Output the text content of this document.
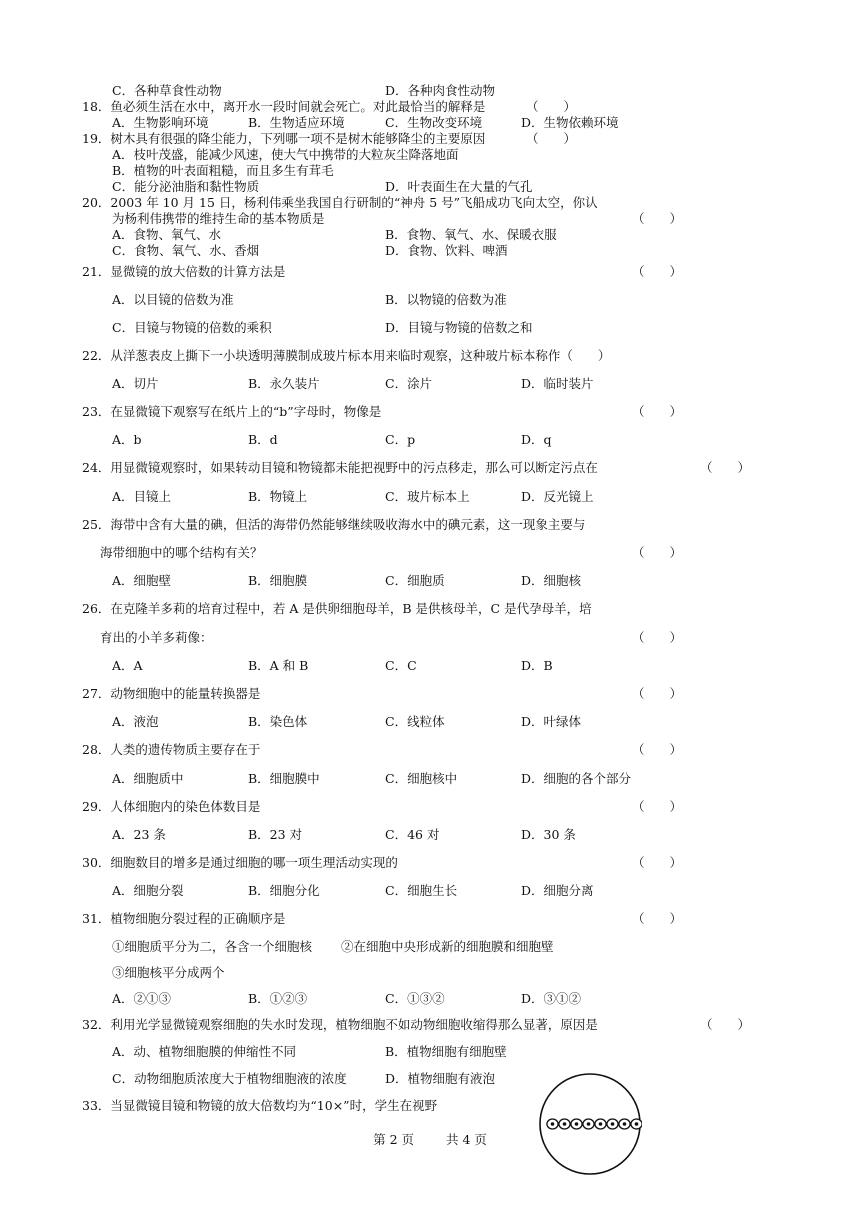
C．各种草食性动物	D．各种肉食性动物
18．鱼必须生活在水中，离开水一段时间就会死亡。对此最恰当的解释是	（　　）
A．生物影响环境	B．生物适应环境	C．生物改变环境	D．生物依赖环境
19．树木具有很强的降尘能力，下列哪一项不是树木能够降尘的主要原因	（　　）
A．枝叶茂盛，能减少风速，使大气中携带的大粒灰尘降落地面
B．植物的叶表面粗糙，而且多生有茸毛
C．能分泌油脂和黏性物质	D．叶表面生在大量的气孔
20．2003 年 10 月 15 日，杨利伟乘坐我国自行研制的“神舟 5 号”飞船成功飞向太空，你认
为杨利伟携带的维持生命的基本物质是	（　　）
A．食物、氧气、水	B．食物、氧气、水、保暖衣服
C．食物、氧气、水、香烟	D．食物、饮料、啤酒
21．显微镜的放大倍数的计算方法是	（　　）
A．以目镜的倍数为准	B．以物镜的倍数为准
C．目镜与物镜的倍数的乘积	D．目镜与物镜的倍数之和
22．从洋葱表皮上撕下一小块透明薄膜制成玻片标本用来临时观察，这种玻片标本称作（　　）
A．切片	B．永久装片	C．涂片	D．临时装片
23．在显微镜下观察写在纸片上的“b”字母时，物像是	（　　）
A．b	B．d	C．p	D．q
24．用显微镜观察时，如果转动目镜和物镜都未能把视野中的污点移走，那么可以断定污点在	（　　）
A．目镜上	B．物镜上	C．玻片标本上	D．反光镜上
25．海带中含有大量的碘，但活的海带仍然能够继续吸收海水中的碘元素，这一现象主要与
海带细胞中的哪个结构有关？	（　　）
A．细胞壁	B．细胞膜	C．细胞质	D．细胞核
26．在克隆羊多莉的培育过程中，若 A 是供卵细胞母羊，B 是供核母羊，C 是代孕母羊，培
育出的小羊多莉像：	（　　）
A．A	B．A 和 B	C．C	D．B
27．动物细胞中的能量转换器是	（　　）
A．液泡	B．染色体	C．线粒体	D．叶绿体
28．人类的遗传物质主要存在于	（　　）
A．细胞质中	B．细胞膜中	C．细胞核中	D．细胞的各个部分
29．人体细胞内的染色体数目是	（　　）
A．23 条	B．23 对	C．46 对	D．30 条
30．细胞数目的增多是通过细胞的哪一项生理活动实现的	（　　）
A．细胞分裂	B．细胞分化	C．细胞生长	D．细胞分离
31．植物细胞分裂过程的正确顺序是	（　　）
①细胞质平分为二，各含一个细胞核 ②在细胞中央形成新的细胞膜和细胞壁
③细胞核平分成两个
A．②①③	B．①②③	C．①③②	D．③①②
32．利用光学显微镜观察细胞的失水时发现，植物细胞不如动物细胞收缩得那么显著，原因是	（　　）
A．动、植物细胞膜的伸缩性不同	B．植物细胞有细胞壁
C．动物细胞质浓度大于植物细胞液的浓度	D．植物细胞有液泡
33．当显微镜目镜和物镜的放大倍数均为“10×”时，学生在视野
第 2 页	共 4 页
